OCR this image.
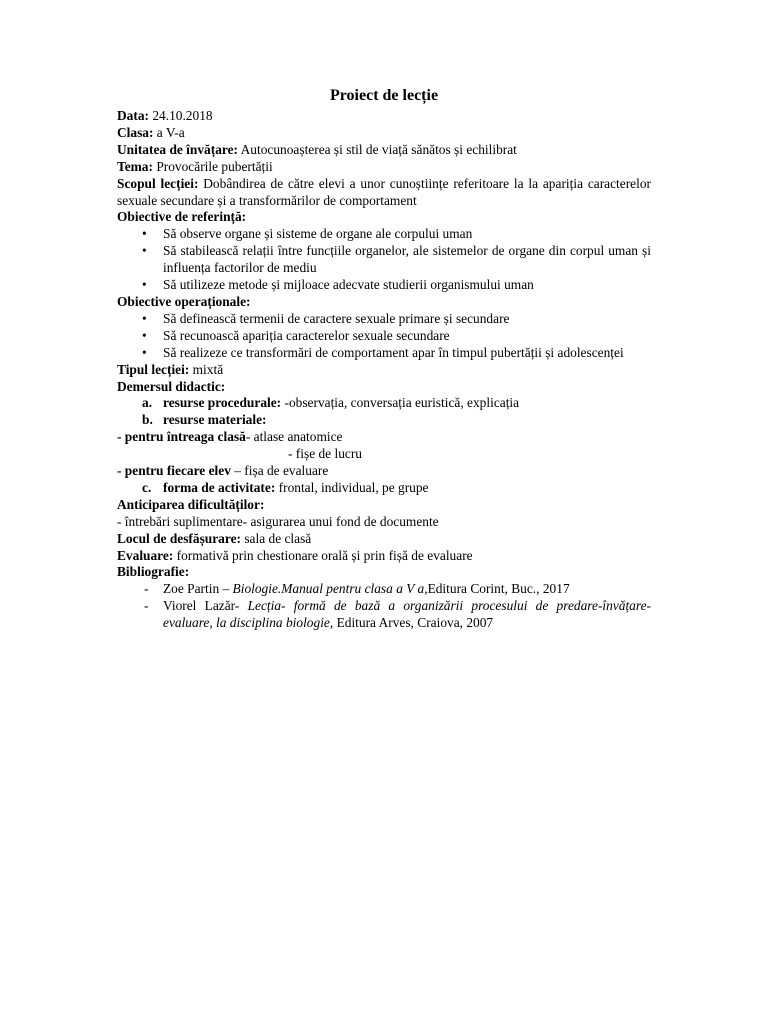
Proiect de lecție
Data: 24.10.2018
Clasa: a V-a
Unitatea de învățare: Autocunoașterea și stil de viață sănătos și echilibrat
Tema: Provocările pubertății
Scopul lecției: Dobândirea de către elevi a unor cunoștiințe referitoare la la apariția caracterelor sexuale secundare și a transformărilor de comportament
Obiective de referință:
• Să observe organe și sisteme de organe ale corpului uman
• Să stabilească relații între funcțiile organelor, ale sistemelor de organe din corpul uman și influența factorilor de mediu
• Să utilizeze metode și mijloace adecvate studierii organismului uman
Obiective operaționale:
• Să definească termenii de caractere sexuale primare și secundare
• Să recunoască apariția caracterelor sexuale secundare
• Să realizeze ce transformări de comportament apar în timpul pubertății și adolescenței
Tipul lecției: mixtă
Demersul didactic:
a. resurse procedurale: -observația, conversația euristică, explicația
b. resurse materiale:
- pentru întreaga clasă- atlase anatomice
- fișe de lucru
- pentru fiecare elev – fișa de evaluare
c. forma de activitate: frontal, individual, pe grupe
Anticiparea dificultăților:
- întrebări suplimentare- asigurarea unui fond de documente
Locul de desfășurare: sala de clasă
Evaluare: formativă prin chestionare orală și prin fișă de evaluare
Bibliografie:
- Zoe Partin – Biologie.Manual pentru clasa a V a,Editura Corint, Buc., 2017
- Viorel Lazăr- Lecția- formă de bază a organizării procesului de predare-învățare-evaluare, la disciplina biologie, Editura Arves, Craiova, 2007
